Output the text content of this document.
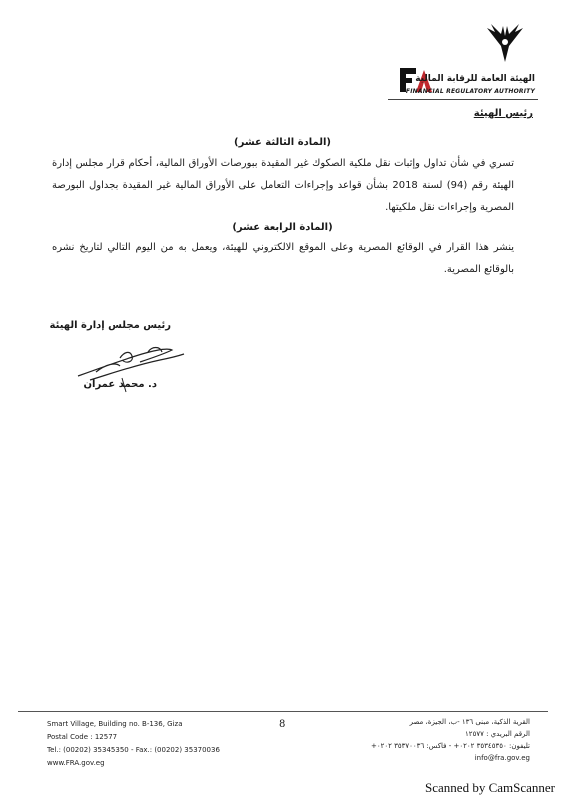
الهيئة العامة للرقابة المالية
FINANCIAL REGULATORY AUTHORITY
رئيس الهيئة
(المادة الثالثة عشر)
تسري في شأن تداول وإثبات نقل ملكية الصكوك غير المقيدة ببورصات الأوراق المالية، أحكام قرار مجلس إدارة الهيئة رقم (94) لسنة 2018 بشأن قواعد وإجراءات التعامل على الأوراق المالية غير المقيدة بجداول البورصة المصرية وإجراءات نقل ملكيتها.
(المادة الرابعة عشر)
ينشر هذا القرار في الوقائع المصرية وعلى الموقع الالكتروني للهيئة، ويعمل به من اليوم التالي لتاريخ نشره بالوقائع المصرية.
رئيس مجلس إدارة الهيئة
د. محمد عمران
Smart Village, Building no. B-136, Giza
Postal Code : 12577
Tel.: (00202) 35345350 - Fax.: (00202) 35370036
www.FRA.gov.eg
8	القرية الذكية، مبنى ١٣٦ -ب، الجيزة، مصر
الرقم البريدي : ١٢٥٧٧
تليفون: ٣٥٣٤٥٣٥٠ ٠٢٠٢+ - فاكس: ٣٥٣٧٠٠٣٦ ٠٢٠٢+
info@fra.gov.eg
Scanned by CamScanner
